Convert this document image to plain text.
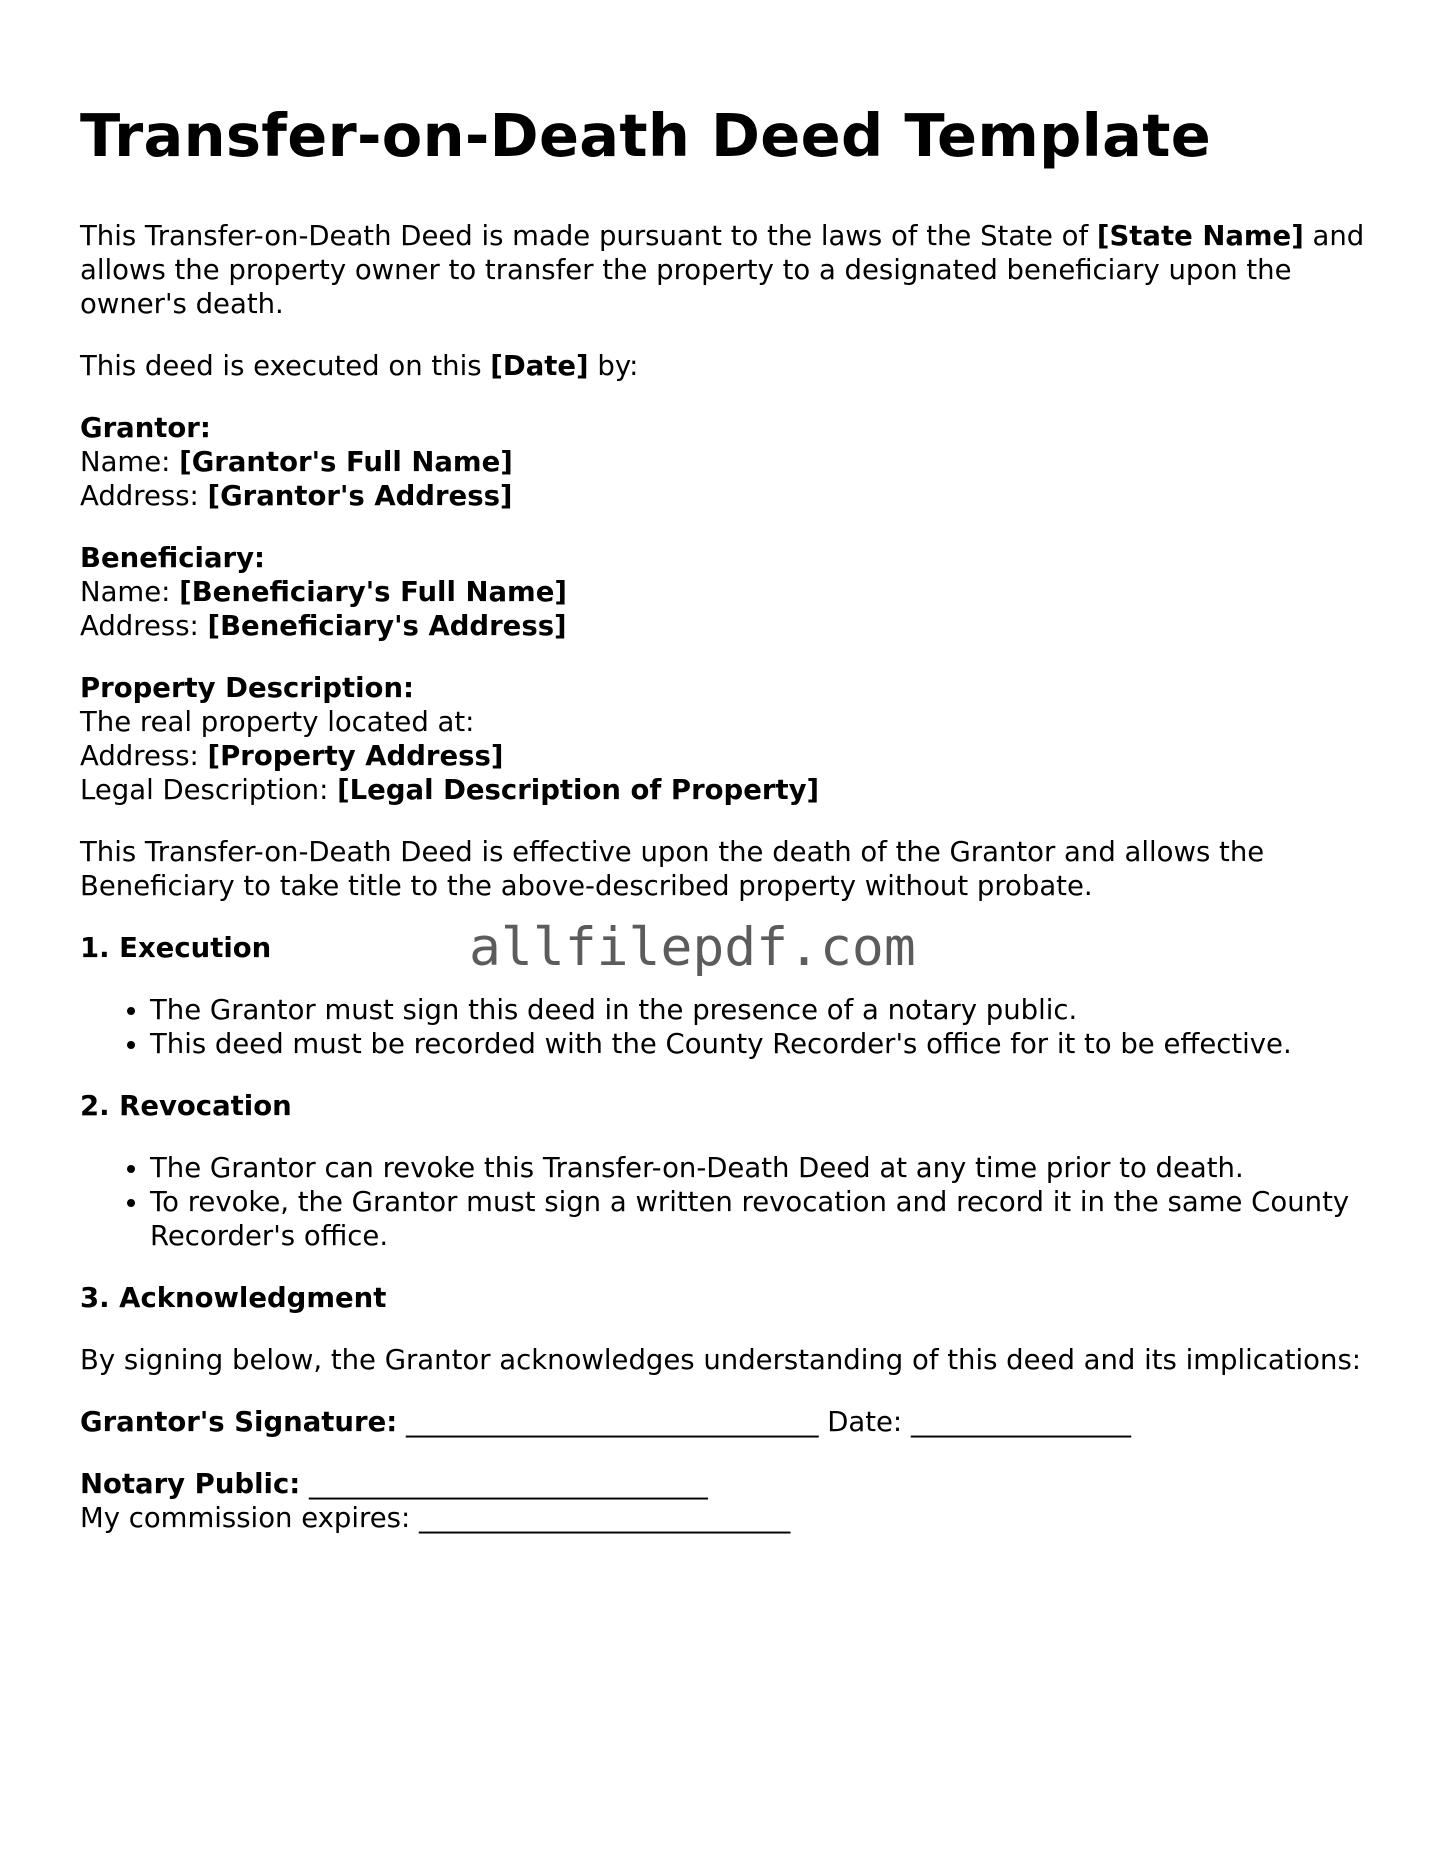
Transfer-on-Death Deed Template

This Transfer-on-Death Deed is made pursuant to the laws of the State of [State Name] and allows the property owner to transfer the property to a designated beneficiary upon the owner's death.

This deed is executed on this [Date] by:

Grantor:
Name: [Grantor's Full Name]
Address: [Grantor's Address]
Beneficiary:
Name: [Beneficiary's Full Name]
Address: [Beneficiary's Address]
Property Description:
The real property located at:
Address: [Property Address]
Legal Description: [Legal Description of Property]

This Transfer-on-Death Deed is effective upon the death of the Grantor and allows the Beneficiary to take title to the above-described property without probate.

1. Execution	allfilepdf.com
• The Grantor must sign this deed in the presence of a notary public.
• This deed must be recorded with the County Recorder's office for it to be effective.
2. Revocation
• The Grantor can revoke this Transfer-on-Death Deed at any time prior to death.
• To revoke, the Grantor must sign a written revocation and record it in the same County Recorder's office.
3. Acknowledgment

By signing below, the Grantor acknowledges understanding of this deed and its implications:

Grantor's Signature: ______________________________ Date: ________________
Notary Public: _____________________________
My commission expires: ___________________________
